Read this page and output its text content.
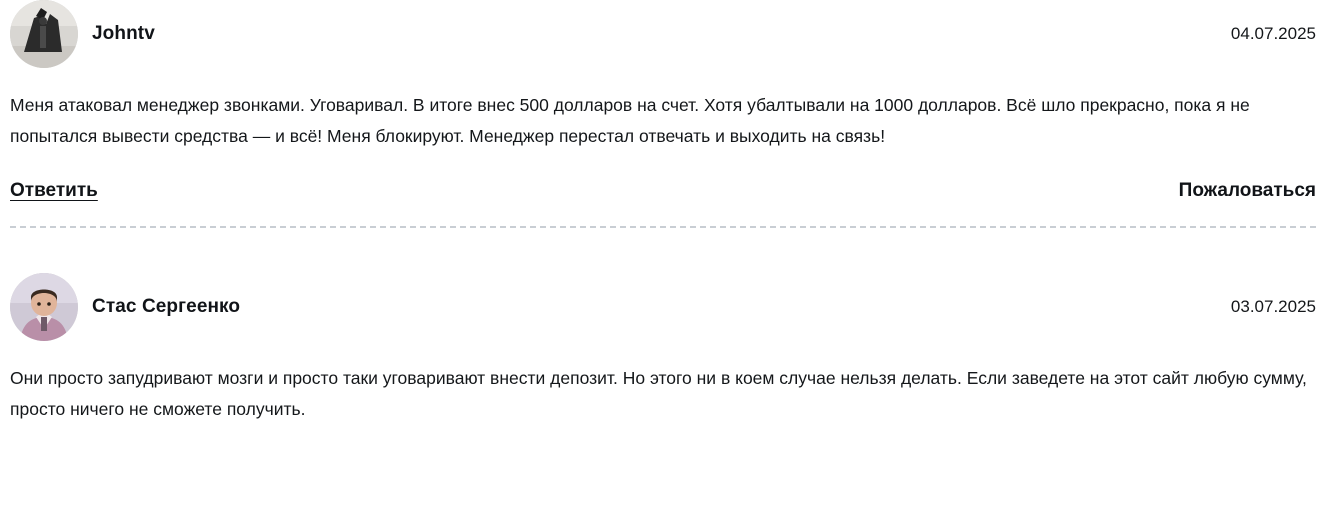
Johntv	04.07.2025
Меня атаковал менеджер звонками. Уговаривал. В итоге внес 500 долларов на счет. Хотя убалтывали на 1000 долларов. Всё шло прекрасно, пока я не попытался вывести средства — и всё! Меня блокируют. Менеджер перестал отвечать и выходить на связь!
Ответить	Пожаловаться
Стас Сергеенко	03.07.2025
Они просто запудривают мозги и просто таки уговаривают внести депозит. Но этого ни в коем случае нельзя делать. Если заведете на этот сайт любую сумму, просто ничего не сможете получить.
